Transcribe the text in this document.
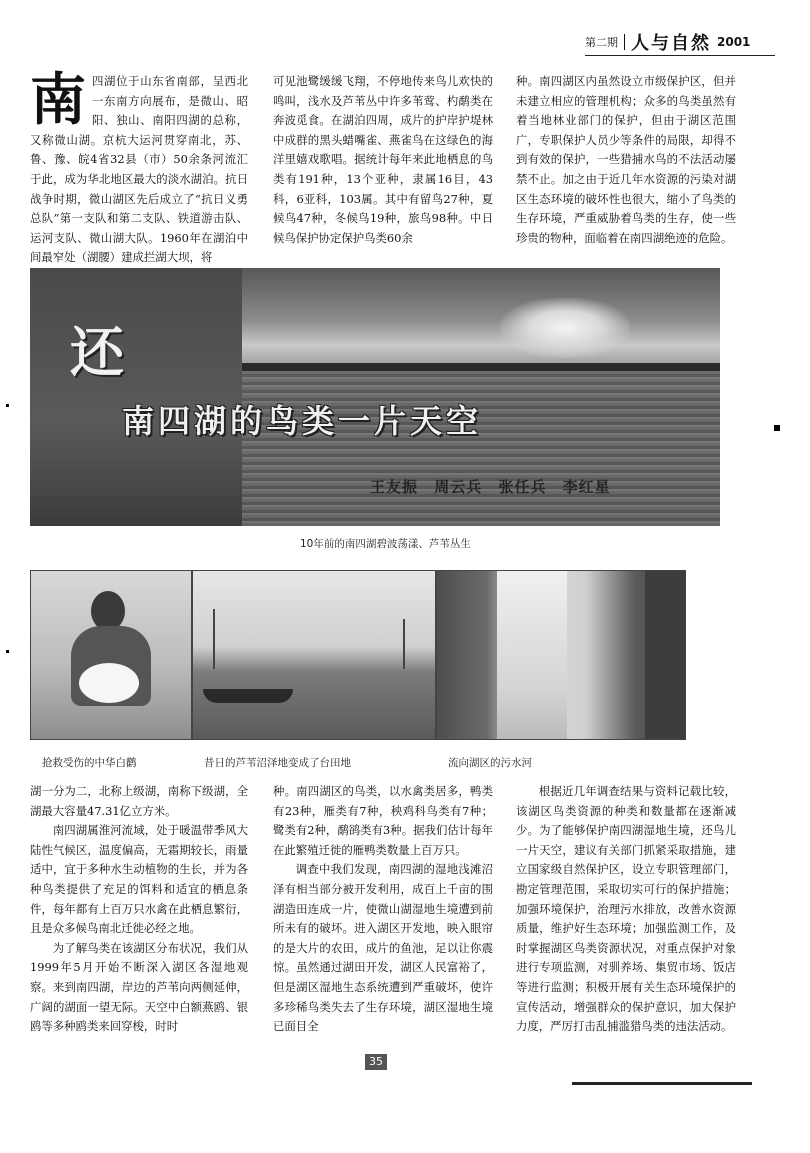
第二期 人与自然 2001
南 四湖位于山东省南部，呈西北一东南方向展布，是微山、昭阳、独山、南阳四湖的总称，又称微山湖。京杭大运河贯穿南北，苏、鲁、豫、皖4省32县（市）50余条河流汇于此，成为华北地区最大的淡水湖泊。抗日战争时期，微山湖区先后成立了“抗日义勇总队”第一支队和第二支队、铁道游击队、运河支队、微山湖大队。1960年在湖泊中间最窄处（湖腰）建成拦湖大坝，将

可见池鹭缓缓飞翔，不停地传来鸟儿欢快的鸣叫，浅水及芦苇丛中许多苇莺、杓鹬类在奔波觅食。在湖泊四周，成片的护岸护堤林中成群的黑头蜡嘴雀、燕雀鸟在这绿色的海洋里嬉戏歌唱。据统计每年来此地栖息的鸟类有191种，13个亚种，隶属16目，43科，6亚科，103属。其中有留鸟27种，夏候鸟47种，冬候鸟19种，旅鸟98种。中日候鸟保护协定保护鸟类60余

种。南四湖区内虽然设立市级保护区，但并未建立相应的管理机构；众多的鸟类虽然有着当地林业部门的保护，但由于湖区范围广，专职保护人员少等条件的局限，却得不到有效的保护，一些猎捕水鸟的不法活动屡禁不止。加之由于近几年水资源的污染对湖区生态环境的破坏性也很大，缩小了鸟类的生存环境，严重威胁着鸟类的生存，使一些珍贵的物种，面临着在南四湖绝迹的危险。

还
南四湖的鸟类一片天空
王友振 周云兵 张任兵 李红星
10年前的南四湖碧波荡漾、芦苇丛生
抢救受伤的中华白鹳	昔日的芦苇沼泽地变成了台田地	流向湖区的污水河

湖一分为二，北称上级湖，南称下级湖，全湖最大容量47.31亿立方米。

南四湖属淮河流域，处于暖温带季风大陆性气候区，温度偏高，无霜期较长，雨量适中，宜于多种水生动植物的生长，并为各种鸟类提供了充足的饵料和适宜的栖息条件，每年都有上百万只水禽在此栖息繁衍，且是众多候鸟南北迁徙必经之地。

为了解鸟类在该湖区分布状况，我们从1999年5月开始不断深入湖区各湿地观察。来到南四湖，岸边的芦苇向两侧延伸，广阔的湖面一望无际。天空中白额燕鸥、银鸥等多种鸥类来回穿梭，时时

种。南四湖区的鸟类，以水禽类居多，鸭类有23种，雁类有7种，秧鸡科鸟类有7种；鹭类有2种，鹬鹆类有3种。据我们估计每年在此繁殖迁徙的雁鸭类数量上百万只。

调查中我们发现，南四湖的湿地浅滩沼泽有相当部分被开发利用，成百上千亩的围湖造田连成一片，使微山湖湿地生境遭到前所未有的破坏。进入湖区开发地，映入眼帘的是大片的农田，成片的鱼池，足以让你震惊。虽然通过湖田开发，湖区人民富裕了，但是湖区湿地生态系统遭到严重破坏，使许多珍稀鸟类失去了生存环境，湖区湿地生境已面目全

根据近几年调查结果与资料记载比较，该湖区鸟类资源的种类和数量都在逐渐减少。为了能够保护南四湖湿地生境，还鸟儿一片天空，建议有关部门抓紧采取措施，建立国家级自然保护区，设立专职管理部门，勘定管理范围，采取切实可行的保护措施；加强环境保护，治理污水排放，改善水资源质量，维护好生态环境；加强监测工作，及时掌握湖区鸟类资源状况，对重点保护对象进行专项监测，对驯养场、集贸市场、饭店等进行监测；积极开展有关生态环境保护的宣传活动，增强群众的保护意识，加大保护力度，严厉打击乱捕滥猎鸟类的违法活动。

35
